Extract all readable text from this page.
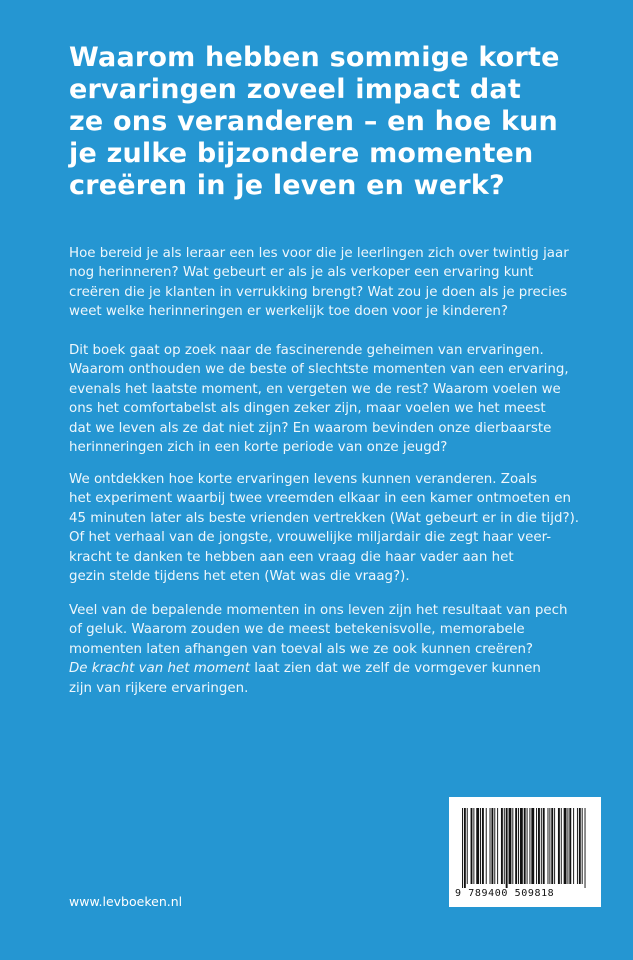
Waarom hebben sommige korte
ervaringen zoveel impact dat
ze ons veranderen – en hoe kun
je zulke bijzondere momenten
creëren in je leven en werk?

Hoe bereid je als leraar een les voor die je leerlingen zich over twintig jaar
nog herinneren? Wat gebeurt er als je als verkoper een ervaring kunt
creëren die je klanten in verrukking brengt? Wat zou je doen als je precies
weet welke herinneringen er werkelijk toe doen voor je kinderen?

Dit boek gaat op zoek naar de fascinerende geheimen van ervaringen.
Waarom onthouden we de beste of slechtste momenten van een ervaring,
evenals het laatste moment, en vergeten we de rest? Waarom voelen we
ons het comfortabelst als dingen zeker zijn, maar voelen we het meest
dat we leven als ze dat niet zijn? En waarom bevinden onze dierbaarste
herinneringen zich in een korte periode van onze jeugd?

We ontdekken hoe korte ervaringen levens kunnen veranderen. Zoals
het experiment waarbij twee vreemden elkaar in een kamer ontmoeten en
45 minuten later als beste vrienden vertrekken (Wat gebeurt er in die tijd?).
Of het verhaal van de jongste, vrouwelijke miljardair die zegt haar veer-
kracht te danken te hebben aan een vraag die haar vader aan het
gezin stelde tijdens het eten (Wat was die vraag?).

Veel van de bepalende momenten in ons leven zijn het resultaat van pech
of geluk. Waarom zouden we de meest betekenisvolle, memorabele
momenten laten afhangen van toeval als we ze ook kunnen creëren?
De kracht van het moment laat zien dat we zelf de vormgever kunnen
zijn van rijkere ervaringen.

www.levboeken.nl
9 789400 509818
